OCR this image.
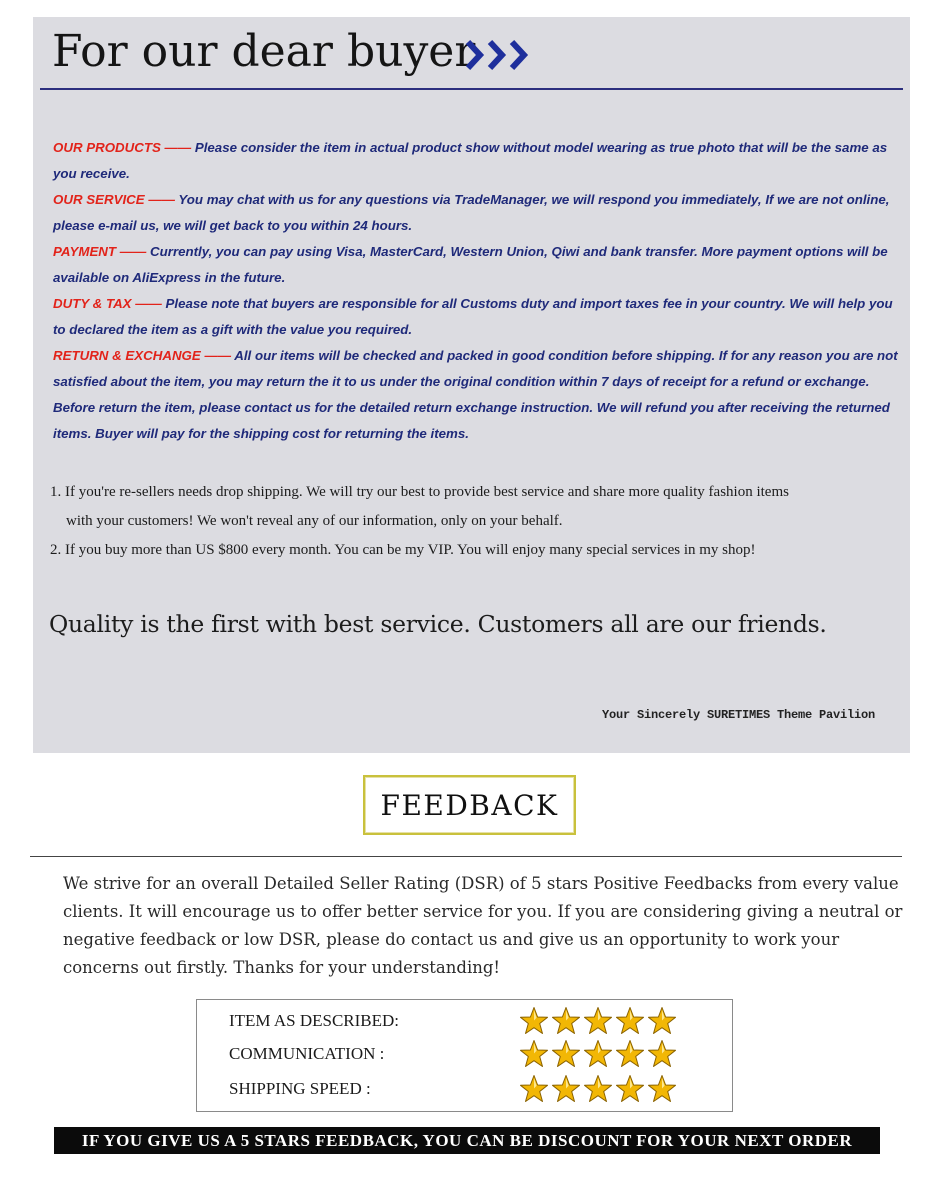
For our dear buyer

OUR PRODUCTS —— Please consider the item in actual product show without model wearing as true photo that will be the same as you receive.

OUR SERVICE —— You may chat with us for any questions via TradeManager, we will respond you immediately, If we are not online, please e-mail us, we will get back to you within 24 hours.

PAYMENT —— Currently, you can pay using Visa, MasterCard, Western Union, Qiwi and bank transfer. More payment options will be available on AliExpress in the future.

DUTY & TAX —— Please note that buyers are responsible for all Customs duty and import taxes fee in your country. We will help you to declared the item as a gift with the value you required.

RETURN & EXCHANGE —— All our items will be checked and packed in good condition before shipping. If for any reason you are not satisfied about the item, you may return the it to us under the original condition within 7 days of receipt for a refund or exchange. Before return the item, please contact us for the detailed return exchange instruction. We will refund you after receiving the returned items. Buyer will pay for the shipping cost for returning the items.

1. If you're re-sellers needs drop shipping. We will try our best to provide best service and share more quality fashion items
with your customers! We won't reveal any of our information, only on your behalf.
2. If you buy more than US $800 every month. You can be my VIP. You will enjoy many special services in my shop!
Quality is the first with best service. Customers all are our friends.
Your Sincerely SURETIMES Theme Pavilion
FEEDBACK

We strive for an overall Detailed Seller Rating (DSR) of 5 stars Positive Feedbacks from every value clients. It will encourage us to offer better service for you. If you are considering giving a neutral or negative feedback or low DSR, please do contact us and give us an opportunity to work your concerns out firstly. Thanks for your understanding!

ITEM AS DESCRIBED:
COMMUNICATION :
SHIPPING SPEED :
IF YOU GIVE US A 5 STARS FEEDBACK, YOU CAN BE DISCOUNT FOR YOUR NEXT ORDER
